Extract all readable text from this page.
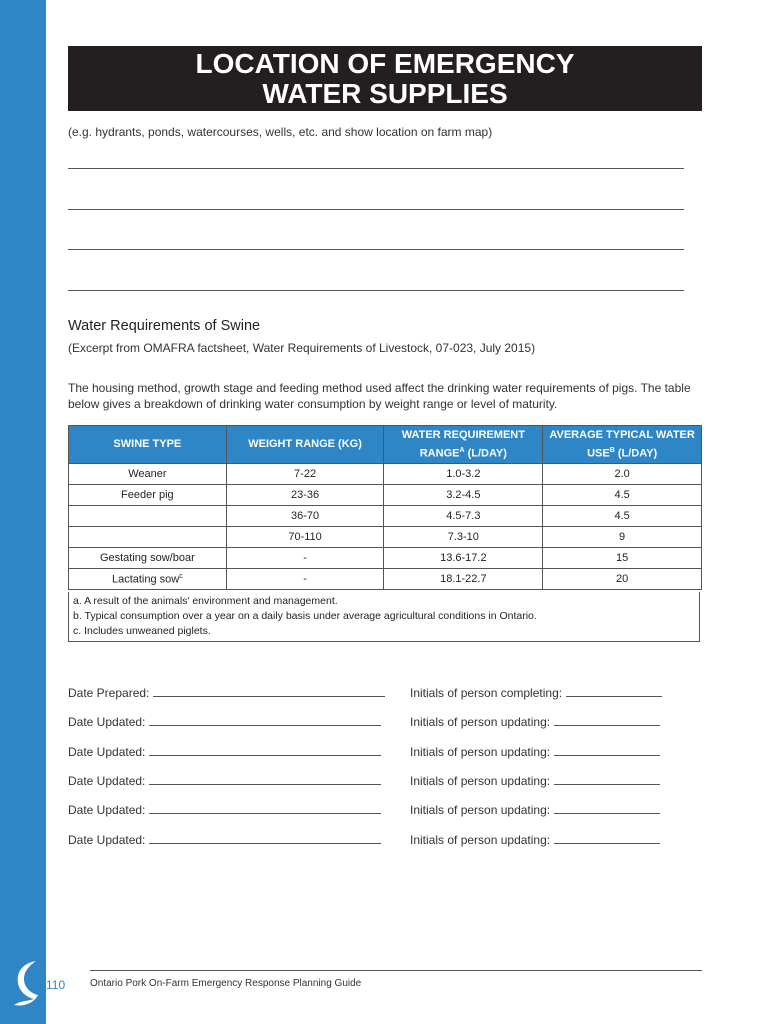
LOCATION OF EMERGENCY
WATER SUPPLIES
(e.g. hydrants, ponds, watercourses, wells, etc. and show location on farm map)
Water Requirements of Swine
(Excerpt from OMAFRA factsheet, Water Requirements of Livestock, 07-023, July 2015)
The housing method, growth stage and feeding method used affect the drinking water requirements of pigs. The table below gives a breakdown of drinking water consumption by weight range or level of maturity.
SWINE TYPE	WEIGHT RANGE (KG)	WATER REQUIREMENT $RANGE^A$ (L/DAY)	AVERAGE TYPICAL WATER $USE^B$ (L/DAY)
Weaner	7-22	1.0-3.2	2.0
Feeder pig	23-36	3.2-4.5	4.5
	36-70	4.5-7.3	4.5
	70-110	7.3-10	9
Gestating sow/boar	-	13.6-17.2	15
Lactating sow$^c$	-	18.1-22.7	20
a. A result of the animals' environment and management.
b. Typical consumption over a year on a daily basis under average agricultural conditions in Ontario.
c. Includes unweaned piglets.
Date Prepared:	Initials of person completing:
Date Updated:	Initials of person updating:
Date Updated:	Initials of person updating:
Date Updated:	Initials of person updating:
Date Updated:	Initials of person updating:
Date Updated:	Initials of person updating:
110 Ontario Pork On-Farm Emergency Response Planning Guide
